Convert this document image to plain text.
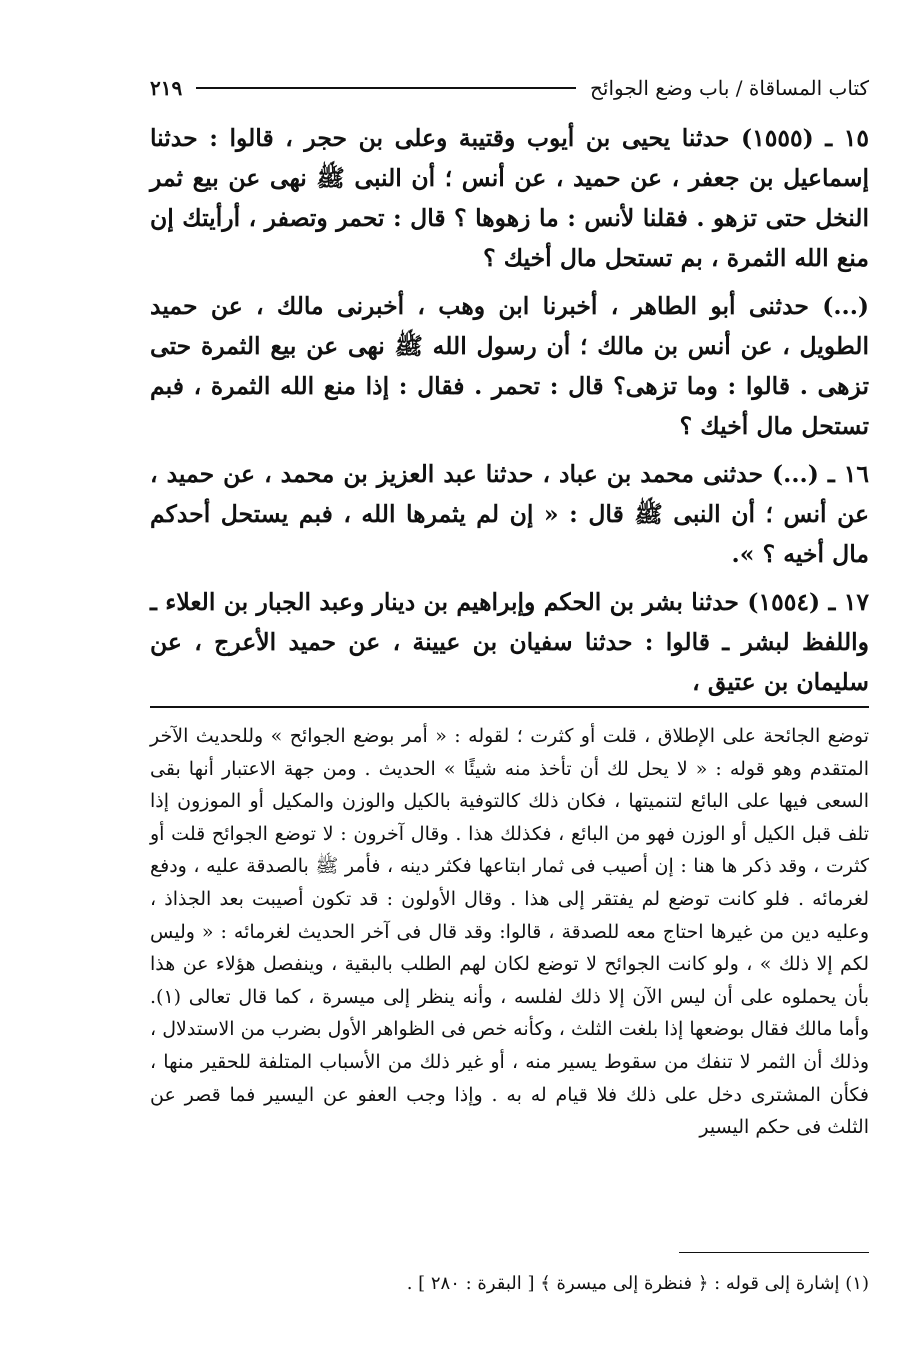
كتاب المساقاة / باب وضع الجوائح
٢١٩

١٥ ـ (١٥٥٥) حدثنا يحيى بن أيوب وقتيبة وعلى بن حجر ، قالوا : حدثنا إسماعيل بن جعفر ، عن حميد ، عن أنس ؛ أن النبى ﷺ نهى عن بيع ثمر النخل حتى تزهو . فقلنا لأنس : ما زهوها ؟ قال : تحمر وتصفر ، أرأيتك إن منع الله الثمرة ، بم تستحل مال أخيك ؟

(...) حدثنى أبو الطاهر ، أخبرنا ابن وهب ، أخبرنى مالك ، عن حميد الطويل ، عن أنس بن مالك ؛ أن رسول الله ﷺ نهى عن بيع الثمرة حتى تزهى . قالوا : وما تزهى؟ قال : تحمر . فقال : إذا منع الله الثمرة ، فبم تستحل مال أخيك ؟

١٦ ـ (...) حدثنى محمد بن عباد ، حدثنا عبد العزيز بن محمد ، عن حميد ، عن أنس ؛ أن النبى ﷺ قال : « إن لم يثمرها الله ، فبم يستحل أحدكم مال أخيه ؟ ».

١٧ ـ (١٥٥٤) حدثنا بشر بن الحكم وإبراهيم بن دينار وعبد الجبار بن العلاء ـ واللفظ لبشر ـ قالوا : حدثنا سفيان بن عيينة ، عن حميد الأعرج ، عن سليمان بن عتيق ،

توضع الجائحة على الإطلاق ، قلت أو كثرت ؛ لقوله : « أمر بوضع الجوائح » وللحديث الآخر المتقدم وهو قوله : « لا يحل لك أن تأخذ منه شيئًا » الحديث . ومن جهة الاعتبار أنها بقى السعى فيها على البائع لتنميتها ، فكان ذلك كالتوفية بالكيل والوزن والمكيل أو الموزون إذا تلف قبل الكيل أو الوزن فهو من البائع ، فكذلك هذا . وقال آخرون : لا توضع الجوائح قلت أو كثرت ، وقد ذكر ها هنا : إن أصيب فى ثمار ابتاعها فكثر دينه ، فأمر ﷺ بالصدقة عليه ، ودفع لغرمائه . فلو كانت توضع لم يفتقر إلى هذا . وقال الأولون : قد تكون أصيبت بعد الجذاذ ، وعليه دين من غيرها احتاج معه للصدقة ، قالوا: وقد قال فى آخر الحديث لغرمائه : « وليس لكم إلا ذلك » ، ولو كانت الجوائح لا توضع لكان لهم الطلب بالبقية ، وينفصل هؤلاء عن هذا بأن يحملوه على أن ليس الآن إلا ذلك لفلسه ، وأنه ينظر إلى ميسرة ، كما قال تعالى (١). وأما مالك فقال بوضعها إذا بلغت الثلث ، وكأنه خص فى الظواهر الأول بضرب من الاستدلال ، وذلك أن الثمر لا تنفك من سقوط يسير منه ، أو غير ذلك من الأسباب المتلفة للحقير منها ، فكأن المشترى دخل على ذلك فلا قيام له به . وإذا وجب العفو عن اليسير فما قصر عن الثلث فى حكم اليسير

(١) إشارة إلى قوله : ﴿ فنظرة إلى ميسرة ﴾ [ البقرة : ٢٨٠ ] .
